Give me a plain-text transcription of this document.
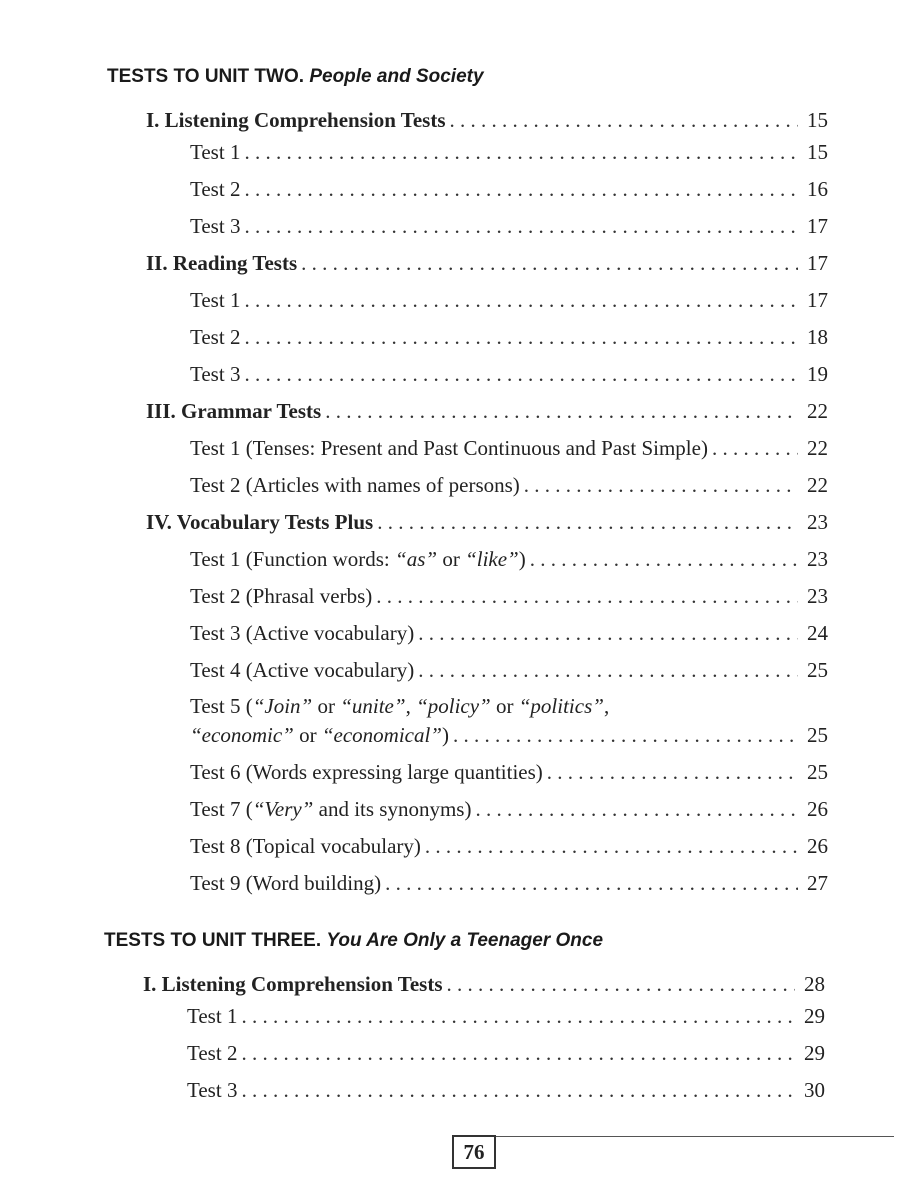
TESTS TO UNIT TWO. People and Society
I. Listening Comprehension Tests . . .	15
Test 1 . . .	15
Test 2 . . .	16
Test 3 . . .	17
II. Reading Tests . . .	17
Test 1 . . .	17
Test 2 . . .	18
Test 3 . . .	19
III. Grammar Tests . . .	22
Test 1 (Tenses: Present and Past Continuous and Past Simple) . . .	22
Test 2 (Articles with names of persons) . . .	22
IV. Vocabulary Tests Plus . . .	23
Test 1 (Function words: “as” or “like”) . . .	23
Test 2 (Phrasal verbs) . . .	23
Test 3 (Active vocabulary) . . .	24
Test 4 (Active vocabulary) . . .	25
Test 5 (“Join” or “unite”, “policy” or “politics”,
“economic” or “economical”) . . .	25
Test 6 (Words expressing large quantities) . . .	25
Test 7 (“Very” and its synonyms) . . .	26
Test 8 (Topical vocabulary) . . .	26
Test 9 (Word building) . . .	27
TESTS TO UNIT THREE. You Are Only a Teenager Once
I. Listening Comprehension Tests . . .	28
Test 1 . . .	29
Test 2 . . .	29
Test 3 . . .	30
76
